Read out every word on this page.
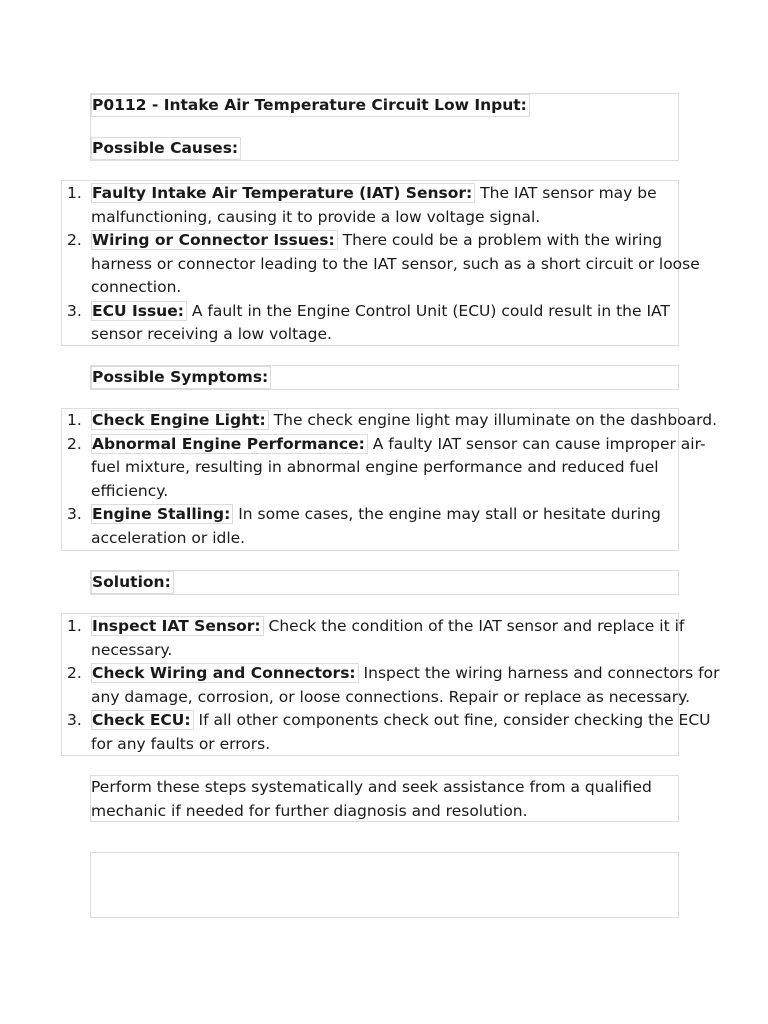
P0112 - Intake Air Temperature Circuit Low Input:
Possible Causes:
1. Faulty Intake Air Temperature (IAT) Sensor: The IAT sensor may be
malfunctioning, causing it to provide a low voltage signal.
2. Wiring or Connector Issues: There could be a problem with the wiring
harness or connector leading to the IAT sensor, such as a short circuit or loose
connection.
3. ECU Issue: A fault in the Engine Control Unit (ECU) could result in the IAT
sensor receiving a low voltage.
Possible Symptoms:
1. Check Engine Light: The check engine light may illuminate on the dashboard.
2. Abnormal Engine Performance: A faulty IAT sensor can cause improper air-
fuel mixture, resulting in abnormal engine performance and reduced fuel
efficiency.
3. Engine Stalling: In some cases, the engine may stall or hesitate during
acceleration or idle.
Solution:
1. Inspect IAT Sensor: Check the condition of the IAT sensor and replace it if
necessary.
2. Check Wiring and Connectors: Inspect the wiring harness and connectors for
any damage, corrosion, or loose connections. Repair or replace as necessary.
3. Check ECU: If all other components check out fine, consider checking the ECU
for any faults or errors.
Perform these steps systematically and seek assistance from a qualified
mechanic if needed for further diagnosis and resolution.
